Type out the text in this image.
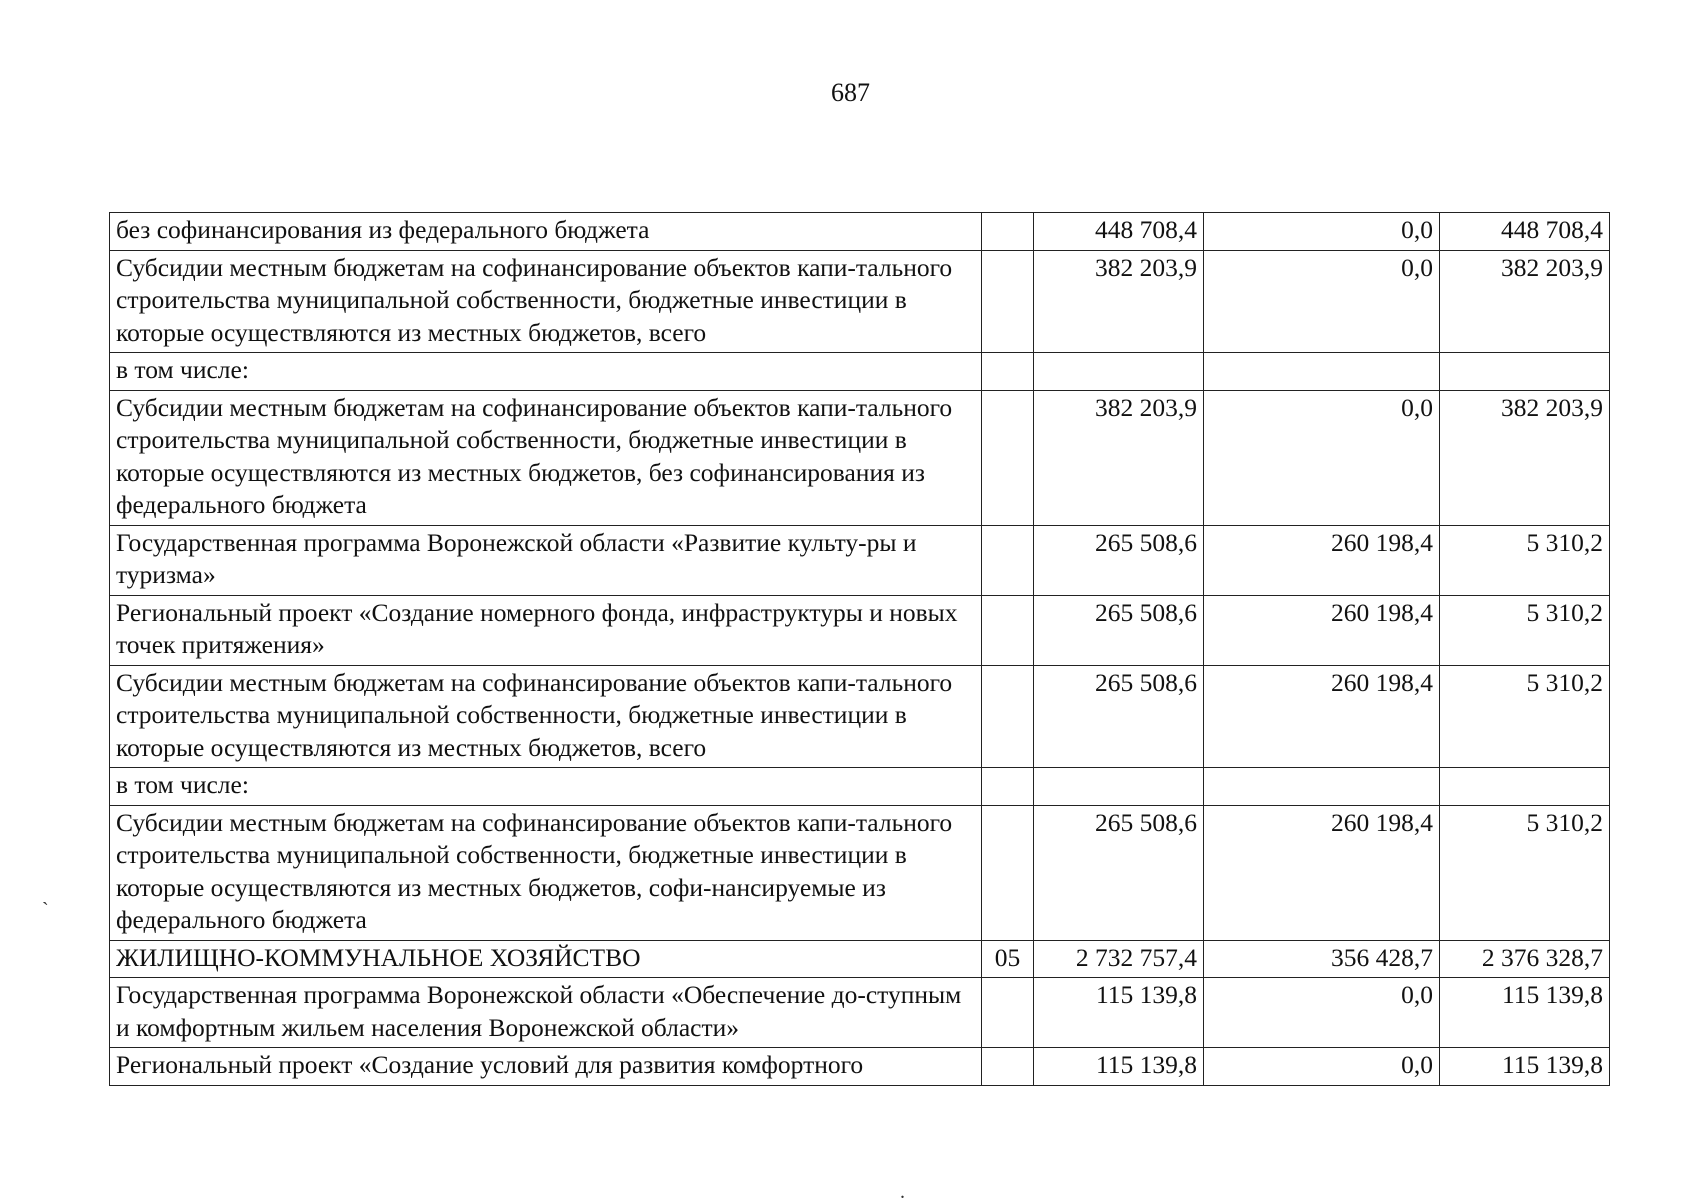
687
без софинансирования из федерального бюджета		448 708,4	0,0	448 708,4
Субсидии местным бюджетам на софинансирование объектов капи-тального строительства муниципальной собственности, бюджетные инвестиции в которые осуществляются из местных бюджетов, всего		382 203,9	0,0	382 203,9
в том числе:				
Субсидии местным бюджетам на софинансирование объектов капи-тального строительства муниципальной собственности, бюджетные инвестиции в которые осуществляются из местных бюджетов, без софинансирования из федерального бюджета		382 203,9	0,0	382 203,9
Государственная программа Воронежской области «Развитие культу-ры и туризма»		265 508,6	260 198,4	5 310,2
Региональный проект «Создание номерного фонда, инфраструктуры и новых точек притяжения»		265 508,6	260 198,4	5 310,2
Субсидии местным бюджетам на софинансирование объектов капи-тального строительства муниципальной собственности, бюджетные инвестиции в которые осуществляются из местных бюджетов, всего		265 508,6	260 198,4	5 310,2
в том числе:				
Субсидии местным бюджетам на софинансирование объектов капи-тального строительства муниципальной собственности, бюджетные инвестиции в которые осуществляются из местных бюджетов, софи-нансируемые из федерального бюджета		265 508,6	260 198,4	5 310,2
ЖИЛИЩНО-КОММУНАЛЬНОЕ ХОЗЯЙСТВО	05	2 732 757,4	356 428,7	2 376 328,7
Государственная программа Воронежской области «Обеспечение до-ступным и комфортным жильем населения Воронежской области»		115 139,8	0,0	115 139,8
Региональный проект «Создание условий для развития комфортного		115 139,8	0,0	115 139,8
`
.
